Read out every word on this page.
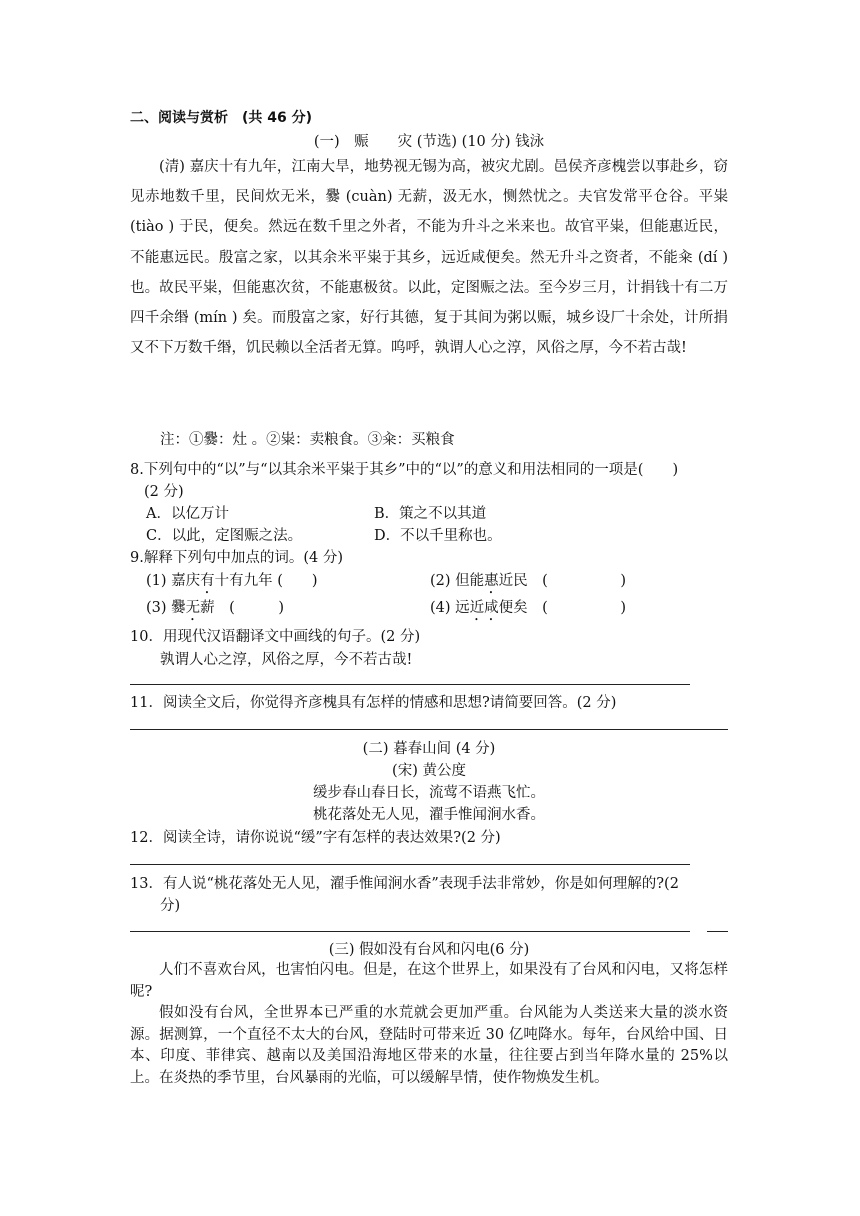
二、阅读与赏析　(共 46 分)
(一)　赈　　灾 (节选) (10 分) 钱泳
(清) 嘉庆十有九年，江南大旱，地势视无锡为高，被灾尤剧。邑侯齐彦槐尝以事赴乡，窃见赤地数千里，民间炊无米，爨 (cuàn) 无薪，汲无水，恻然忧之。夫官发常平仓谷。平粜 (tiào ) 于民，便矣。然远在数千里之外者，不能为升斗之米来也。故官平粜，但能惠近民，不能惠远民。殷富之家，以其余米平粜于其乡，远近咸便矣。然无升斗之资者，不能籴 (dí ) 也。故民平粜，但能惠次贫，不能惠极贫。以此，定图赈之法。至今岁三月，计捐钱十有二万四千余缗 (mín ) 矣。而殷富之家，好行其德，复于其间为粥以赈，城乡设厂十余处，计所捐又不下万数千缗，饥民赖以全活者无算。呜呼，孰谓人心之淳，风俗之厚，今不若古哉!
注：①爨：灶 。②粜：卖粮食。③籴：买粮食
8.下列句中的“以”与“以其余米平粜于其乡”中的“以”的意义和用法相同的一项是(　　)
(2 分)
A．以亿万计	B．策之不以其道
C．以此，定图赈之法。	D．不以千里称也。
9.解释下列句中加点的词。(4 分)
(1) 嘉庆有十有九年 (　　)	(2) 但能惠近民　(　　　　　)
(3) 爨无薪　(　　　)	(4) 远近咸便矣　(　　　　　)
10．用现代汉语翻译文中画线的句子。(2 分)
孰谓人心之淳，风俗之厚，今不若古哉!
11．阅读全文后，你觉得齐彦槐具有怎样的情感和思想?请简要回答。(2 分)
(二) 暮春山间 (4 分)
(宋) 黄公度
缓步春山春日长，流莺不语燕飞忙。
桃花落处无人见，濯手惟闻涧水香。
12．阅读全诗，请你说说“缓”字有怎样的表达效果?(2 分)
13．有人说“桃花落处无人见，濯手惟闻涧水香”表现手法非常妙，你是如何理解的?(2
分)
(三) 假如没有台风和闪电(6 分)
人们不喜欢台风，也害怕闪电。但是，在这个世界上，如果没有了台风和闪电，又将怎样呢?
假如没有台风，全世界本已严重的水荒就会更加严重。台风能为人类送来大量的淡水资源。据测算，一个直径不太大的台风，登陆时可带来近 30 亿吨降水。每年，台风给中国、日本、印度、菲律宾、越南以及美国沿海地区带来的水量，往往要占到当年降水量的 25%以上。在炎热的季节里，台风暴雨的光临，可以缓解旱情，使作物焕发生机。
